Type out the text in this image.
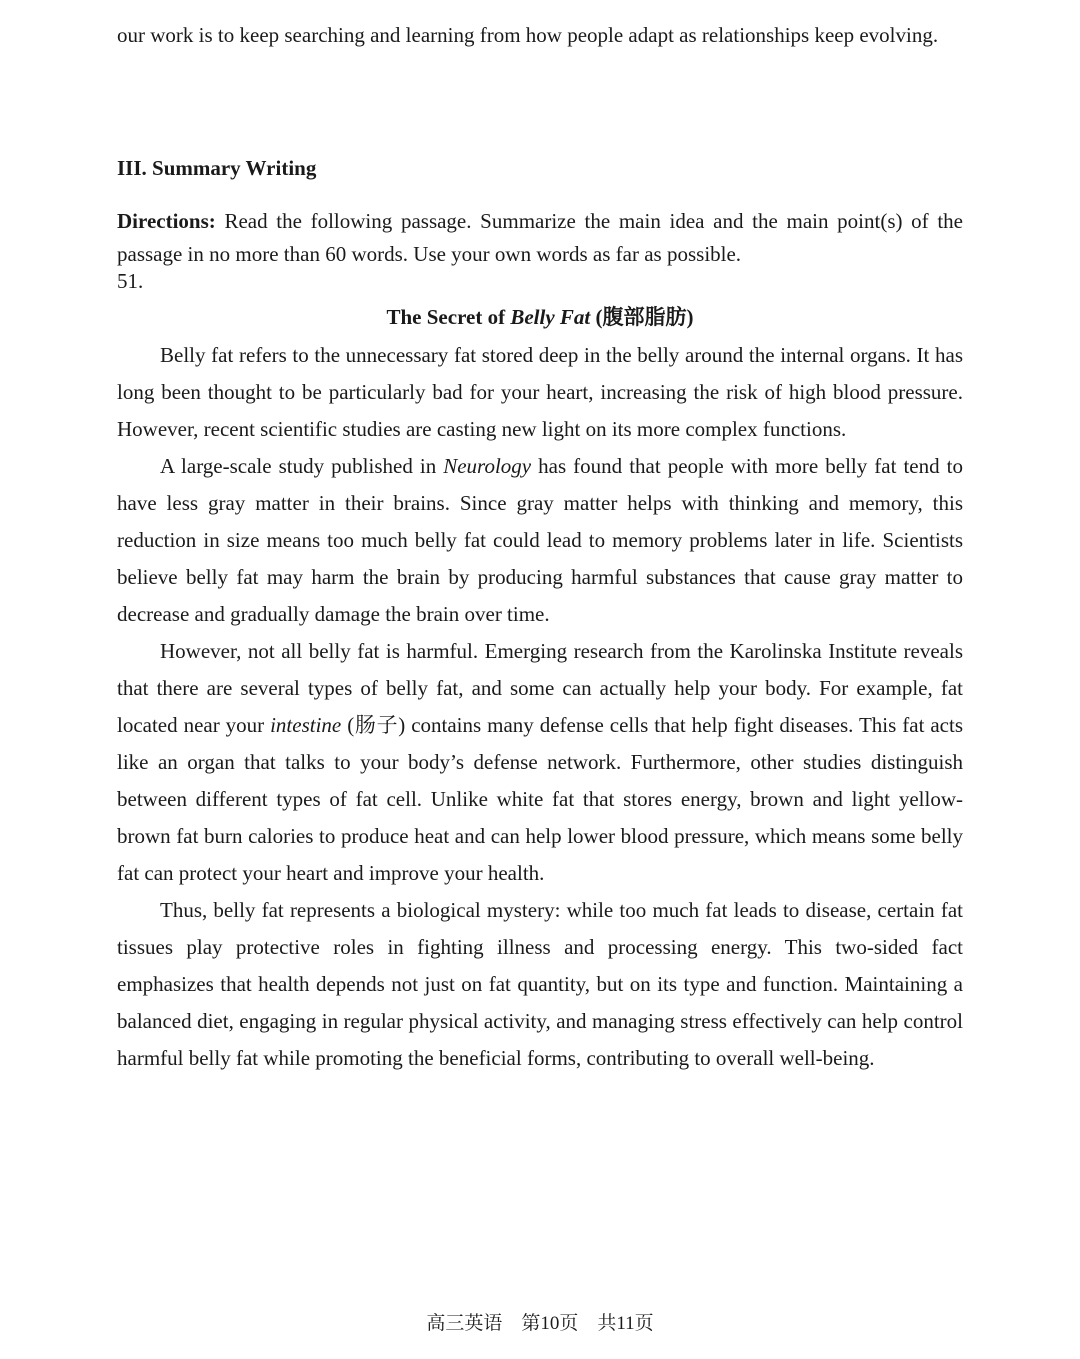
our work is to keep searching and learning from how people adapt as relationships keep evolving.

III. Summary Writing

Directions: Read the following passage. Summarize the main idea and the main point(s) of the passage in no more than 60 words. Use your own words as far as possible.

51.
The Secret of Belly Fat (腹部脂肪)

Belly fat refers to the unnecessary fat stored deep in the belly around the internal organs. It has long been thought to be particularly bad for your heart, increasing the risk of high blood pressure. However, recent scientific studies are casting new light on its more complex functions.

A large-scale study published in Neurology has found that people with more belly fat tend to have less gray matter in their brains. Since gray matter helps with thinking and memory, this reduction in size means too much belly fat could lead to memory problems later in life. Scientists believe belly fat may harm the brain by producing harmful substances that cause gray matter to decrease and gradually damage the brain over time.

However, not all belly fat is harmful. Emerging research from the Karolinska Institute reveals that there are several types of belly fat, and some can actually help your body. For example, fat located near your intestine (肠子) contains many defense cells that help fight diseases. This fat acts like an organ that talks to your body’s defense network. Furthermore, other studies distinguish between different types of fat cell. Unlike white fat that stores energy, brown and light yellow-brown fat burn calories to produce heat and can help lower blood pressure, which means some belly fat can protect your heart and improve your health.

Thus, belly fat represents a biological mystery: while too much fat leads to disease, certain fat tissues play protective roles in fighting illness and processing energy. This two-sided fact emphasizes that health depends not just on fat quantity, but on its type and function. Maintaining a balanced diet, engaging in regular physical activity, and managing stress effectively can help control harmful belly fat while promoting the beneficial forms, contributing to overall well-being.

高三英语　第10页　共11页
